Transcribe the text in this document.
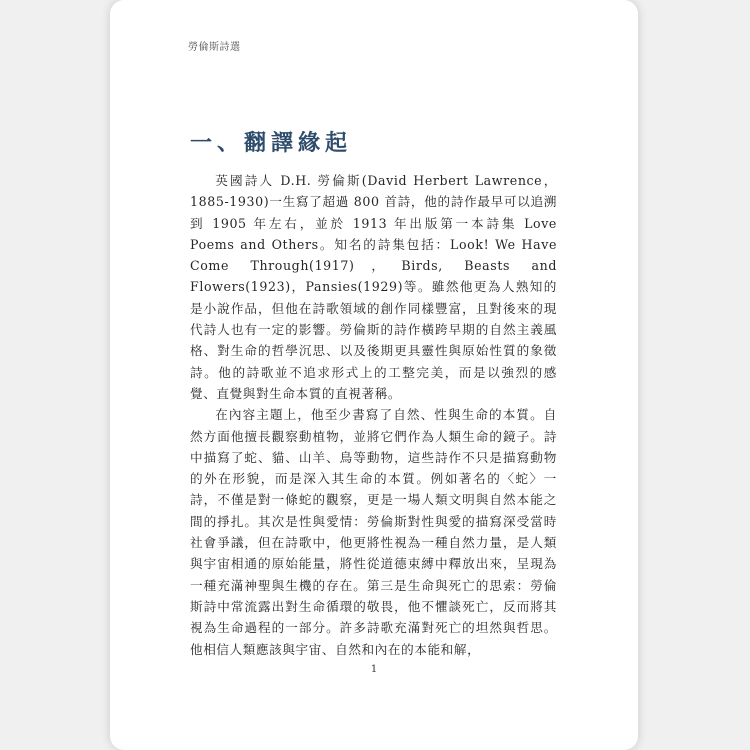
勞倫斯詩選
一、翻譯緣起

英國詩人 D.H. 勞倫斯(David Herbert Lawrence，1885-1930)一生寫了超過 800 首詩，他的詩作最早可以追溯到 1905 年左右，並於 1913 年出版第一本詩集 Love Poems and Others。知名的詩集包括：Look! We Have Come Through(1917)，Birds, Beasts and Flowers(1923)，Pansies(1929)等。雖然他更為人熟知的是小說作品，但他在詩歌領域的創作同樣豐富，且對後來的現代詩人也有一定的影響。勞倫斯的詩作橫跨早期的自然主義風格、對生命的哲學沉思、以及後期更具靈性與原始性質的象徵詩。他的詩歌並不追求形式上的工整完美，而是以強烈的感覺、直覺與對生命本質的直視著稱。

在內容主題上，他至少書寫了自然、性與生命的本質。自然方面他擅長觀察動植物，並將它們作為人類生命的鏡子。詩中描寫了蛇、貓、山羊、鳥等動物，這些詩作不只是描寫動物的外在形貌，而是深入其生命的本質。例如著名的〈蛇〉一詩，不僅是對一條蛇的觀察，更是一場人類文明與自然本能之間的掙扎。其次是性與愛情：勞倫斯對性與愛的描寫深受當時社會爭議，但在詩歌中，他更將性視為一種自然力量，是人類與宇宙相通的原始能量，將性從道德束縛中釋放出來，呈現為一種充滿神聖與生機的存在。第三是生命與死亡的思索：勞倫斯詩中常流露出對生命循環的敬畏，他不懼談死亡，反而將其視為生命過程的一部分。許多詩歌充滿對死亡的坦然與哲思。他相信人類應該與宇宙、自然和內在的本能和解，

1
